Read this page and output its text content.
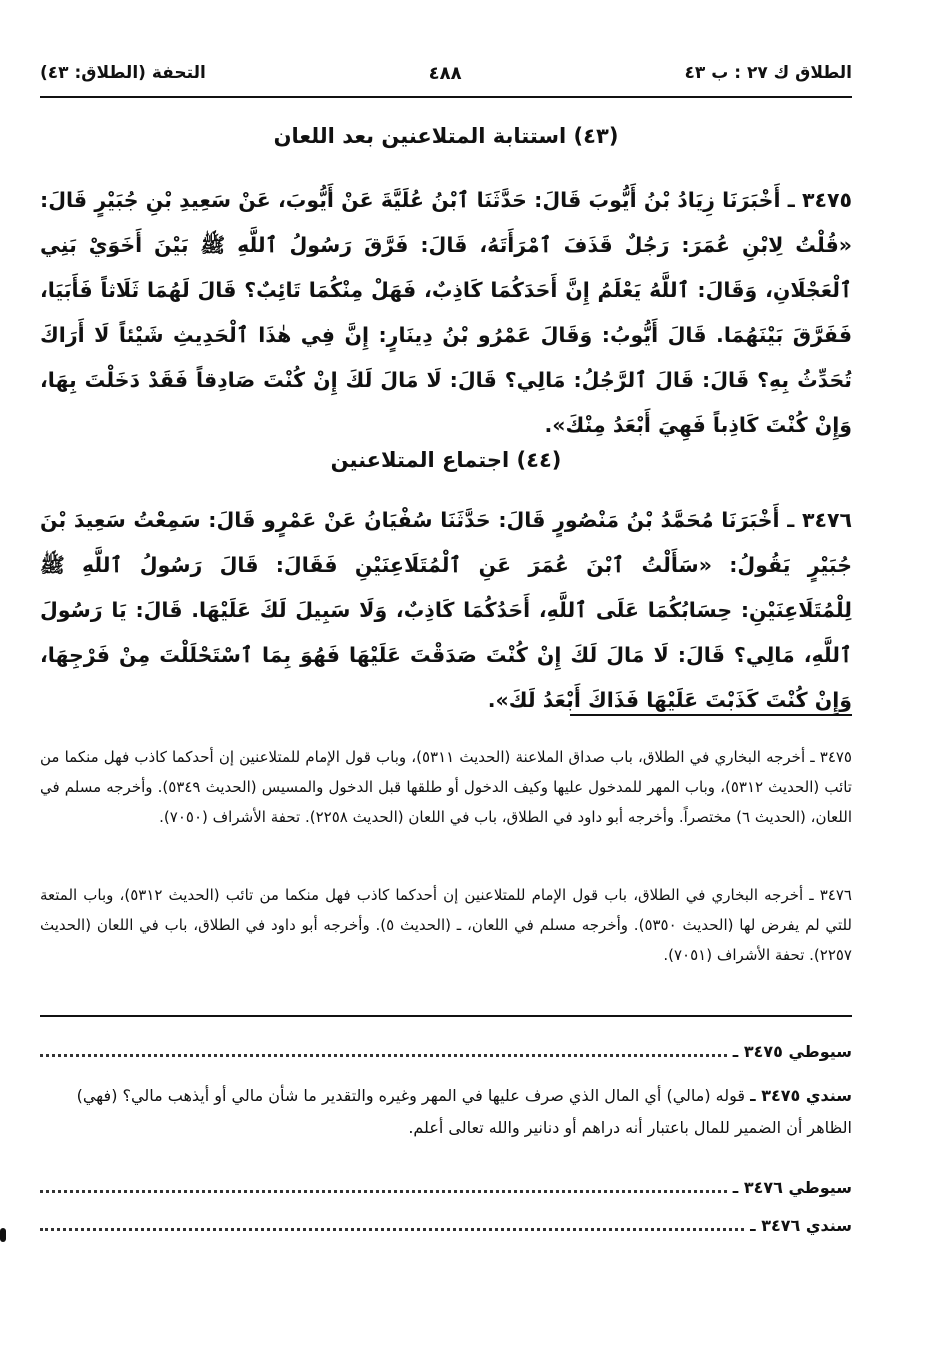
الطلاق ك ٢٧ : ب ٤٣
٤٨٨
التحفة (الطلاق: ٤٣)
(٤٣) استتابة المتلاعنين بعد اللعان
٣٤٧٥ ـ أَخْبَرَنَا زِيَادُ بْنُ أَيُّوبَ قَالَ: حَدَّثَنَا ٱبْنُ عُلَيَّةَ عَنْ أَيُّوبَ، عَنْ سَعِيدِ بْنِ جُبَيْرٍ قَالَ: «قُلْتُ لِابْنِ عُمَرَ: رَجُلٌ قَذَفَ ٱمْرَأَتَهُ، قَالَ: فَرَّقَ رَسُولُ ٱللَّهِ ﷺ بَيْنَ أَخَوَيْ بَنِي ٱلْعَجْلَانِ، وَقَالَ: ٱللَّهُ يَعْلَمُ إِنَّ أَحَدَكُمَا كَاذِبٌ، فَهَلْ مِنْكُمَا تَائِبٌ؟ قَالَ لَهُمَا ثَلَاثاً فَأَبَيَا، فَفَرَّقَ بَيْنَهُمَا. قَالَ أَيُّوبُ: وَقَالَ عَمْرُو بْنُ دِينَارٍ: إِنَّ فِي هٰذَا ٱلْحَدِيثِ شَيْئاً لَا أَرَاكَ تُحَدِّثُ بِهِ؟ قَالَ: قَالَ ٱلرَّجُلُ: مَالِي؟ قَالَ: لَا مَالَ لَكَ إِنْ كُنْتَ صَادِقاً فَقَدْ دَخَلْتَ بِهَا، وَإِنْ كُنْتَ كَاذِباً فَهِيَ أَبْعَدُ مِنْكَ».
(٤٤) اجتماع المتلاعنين
٣٤٧٦ ـ أَخْبَرَنَا مُحَمَّدُ بْنُ مَنْصُورٍ قَالَ: حَدَّثَنَا سُفْيَانُ عَنْ عَمْرٍو قَالَ: سَمِعْتُ سَعِيدَ بْنَ جُبَيْرٍ يَقُولُ: «سَأَلْتُ ٱبْنَ عُمَرَ عَنِ ٱلْمُتَلَاعِنَيْنِ فَقَالَ: قَالَ رَسُولُ ٱللَّهِ ﷺ لِلْمُتَلَاعِنَيْنِ: حِسَابُكُمَا عَلَى ٱللَّهِ، أَحَدُكُمَا كَاذِبٌ، وَلَا سَبِيلَ لَكَ عَلَيْهَا. قَالَ: يَا رَسُولَ ٱللَّهِ، مَالِي؟ قَالَ: لَا مَالَ لَكَ إِنْ كُنْتَ صَدَقْتَ عَلَيْهَا فَهُوَ بِمَا ٱسْتَحْلَلْتَ مِنْ فَرْجِهَا، وَإِنْ كُنْتَ كَذَبْتَ عَلَيْهَا فَذَاكَ أَبْعَدُ لَكَ».
٣٤٧٥ ـ أخرجه البخاري في الطلاق، باب صداق الملاعنة (الحديث ٥٣١١)، وباب قول الإمام للمتلاعنين إن أحدكما كاذب فهل منكما من تائب (الحديث ٥٣١٢)، وباب المهر للمدخول عليها وكيف الدخول أو طلقها قبل الدخول والمسيس (الحديث ٥٣٤٩). وأخرجه مسلم في اللعان، (الحديث ٦) مختصراً. وأخرجه أبو داود في الطلاق، باب في اللعان (الحديث ٢٢٥٨). تحفة الأشراف (٧٠٥٠).
٣٤٧٦ ـ أخرجه البخاري في الطلاق، باب قول الإمام للمتلاعنين إن أحدكما كاذب فهل منكما من تائب (الحديث ٥٣١٢)، وباب المتعة للتي لم يفرض لها (الحديث ٥٣٥٠). وأخرجه مسلم في اللعان، ـ (الحديث ٥). وأخرجه أبو داود في الطلاق، باب في اللعان (الحديث ٢٢٥٧). تحفة الأشراف (٧٠٥١).
سيوطي ٣٤٧٥ ـ
سندي ٣٤٧٥ ـ قوله (مالي) أي المال الذي صرف عليها في المهر وغيره والتقدير ما شأن مالي أو أيذهب مالي؟ (فهي) الظاهر أن الضمير للمال باعتبار أنه دراهم أو دنانير والله تعالى أعلم.
سيوطي ٣٤٧٦ ـ
سندي ٣٤٧٦ ـ
